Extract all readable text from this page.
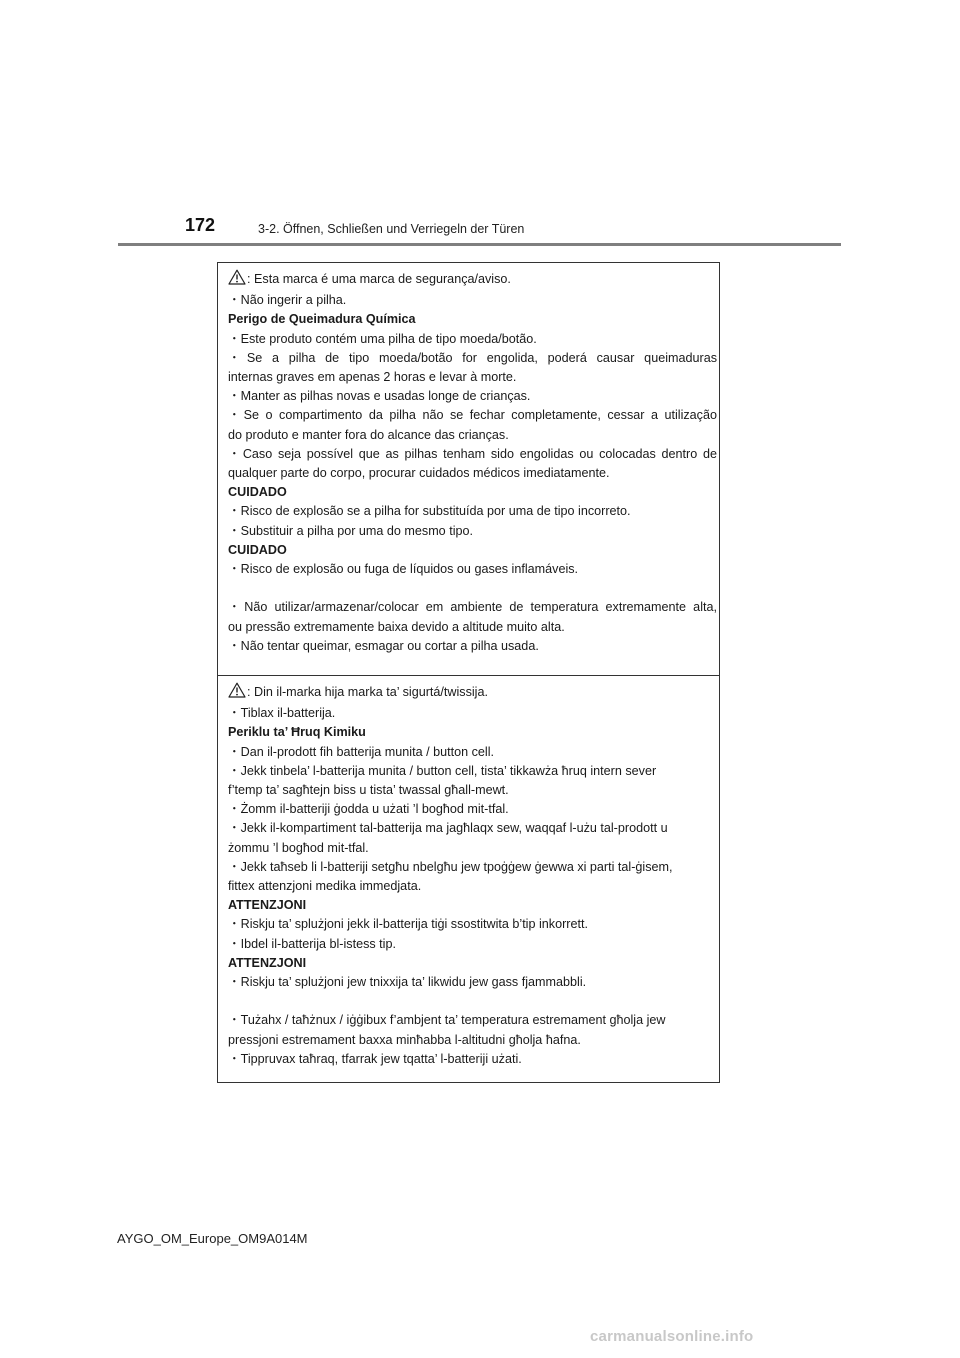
172	3-2. Öffnen, Schließen und Verriegeln der Türen
: Esta marca é uma marca de segurança/aviso.
・Não ingerir a pilha.
Perigo de Queimadura Química
・Este produto contém uma pilha de tipo moeda/botão.
・Se a pilha de tipo moeda/botão for engolida, poderá causar queimaduras
internas graves em apenas 2 horas e levar à morte.
・Manter as pilhas novas e usadas longe de crianças.
・Se o compartimento da pilha não se fechar completamente, cessar a utilização
do produto e manter fora do alcance das crianças.
・Caso seja possível que as pilhas tenham sido engolidas ou colocadas dentro de
qualquer parte do corpo, procurar cuidados médicos imediatamente.
CUIDADO
・Risco de explosão se a pilha for substituída por uma de tipo incorreto.
・Substituir a pilha por uma do mesmo tipo.
CUIDADO
・Risco de explosão ou fuga de líquidos ou gases inflamáveis.
・Não utilizar/armazenar/colocar em ambiente de temperatura extremamente alta,
ou pressão extremamente baixa devido a altitude muito alta.
・Não tentar queimar, esmagar ou cortar a pilha usada.
: Din il-marka hija marka ta’ sigurtá/twissija.
・Tiblax il-batterija.
Periklu ta’ Ħruq Kimiku
・Dan il-prodott fih batterija munita / button cell.
・Jekk tinbela’ l-batterija munita / button cell, tista’ tikkawża ħruq intern sever
f’temp ta’ sagħtejn biss u tista’ twassal għall-mewt.
・Żomm il-batteriji ġodda u użati ’l bogħod mit-tfal.
・Jekk il-kompartiment tal-batterija ma jagħlaqx sew, waqqaf l-użu tal-prodott u
żommu ’l bogħod mit-tfal.
・Jekk taħseb li l-batteriji setgħu nbelgħu jew tpoġġew ġewwa xi parti tal-ġisem,
fittex attenzjoni medika immedjata.
ATTENZJONI
・Riskju ta’ splużjoni jekk il-batterija tiġi ssostitwita b’tip inkorrett.
・Ibdel il-batterija bl-istess tip.
ATTENZJONI
・Riskju ta’ splużjoni jew tnixxija ta’ likwidu jew gass fjammabbli.
・Tużahx / taħżnux / iġġibux f’ambjent ta’ temperatura estremament għolja jew
pressjoni estremament baxxa minħabba l-altitudni għolja ħafna.
・Tippruvax taħraq, tfarrak jew tqatta’ l-batteriji użati.
AYGO_OM_Europe_OM9A014M
carmanualsonline.info
